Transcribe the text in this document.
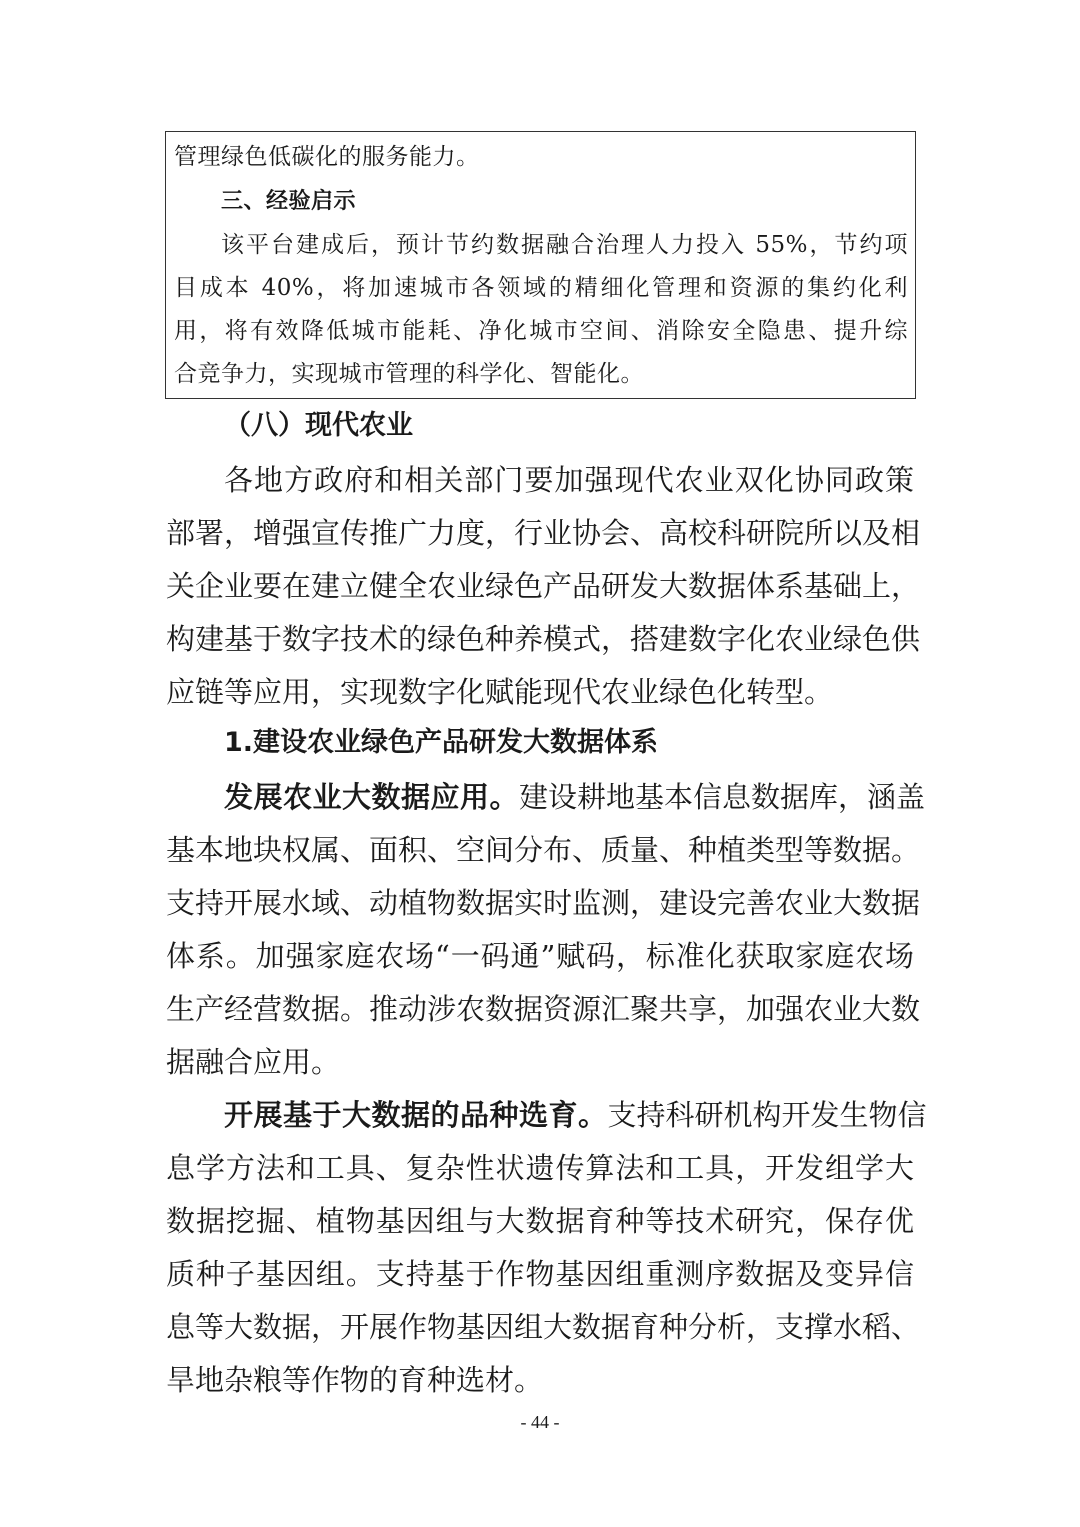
管理绿色低碳化的服务能力。
三、经验启示
该平台建成后，预计节约数据融合治理人力投入 55%，节约项
目成本 40%，将加速城市各领域的精细化管理和资源的集约化利
用，将有效降低城市能耗、净化城市空间、消除安全隐患、提升综
合竞争力，实现城市管理的科学化、智能化。
（八）现代农业
各地方政府和相关部门要加强现代农业双化协同政策
部署，增强宣传推广力度，行业协会、高校科研院所以及相
关企业要在建立健全农业绿色产品研发大数据体系基础上，
构建基于数字技术的绿色种养模式，搭建数字化农业绿色供
应链等应用，实现数字化赋能现代农业绿色化转型。
1.建设农业绿色产品研发大数据体系
发展农业大数据应用。建设耕地基本信息数据库，涵盖
基本地块权属、面积、空间分布、质量、种植类型等数据。
支持开展水域、动植物数据实时监测，建设完善农业大数据
体系。加强家庭农场“一码通”赋码，标准化获取家庭农场
生产经营数据。推动涉农数据资源汇聚共享，加强农业大数
据融合应用。
开展基于大数据的品种选育。支持科研机构开发生物信
息学方法和工具、复杂性状遗传算法和工具，开发组学大
数据挖掘、植物基因组与大数据育种等技术研究，保存优
质种子基因组。支持基于作物基因组重测序数据及变异信
息等大数据，开展作物基因组大数据育种分析，支撑水稻、
旱地杂粮等作物的育种选材。
- 44 -
